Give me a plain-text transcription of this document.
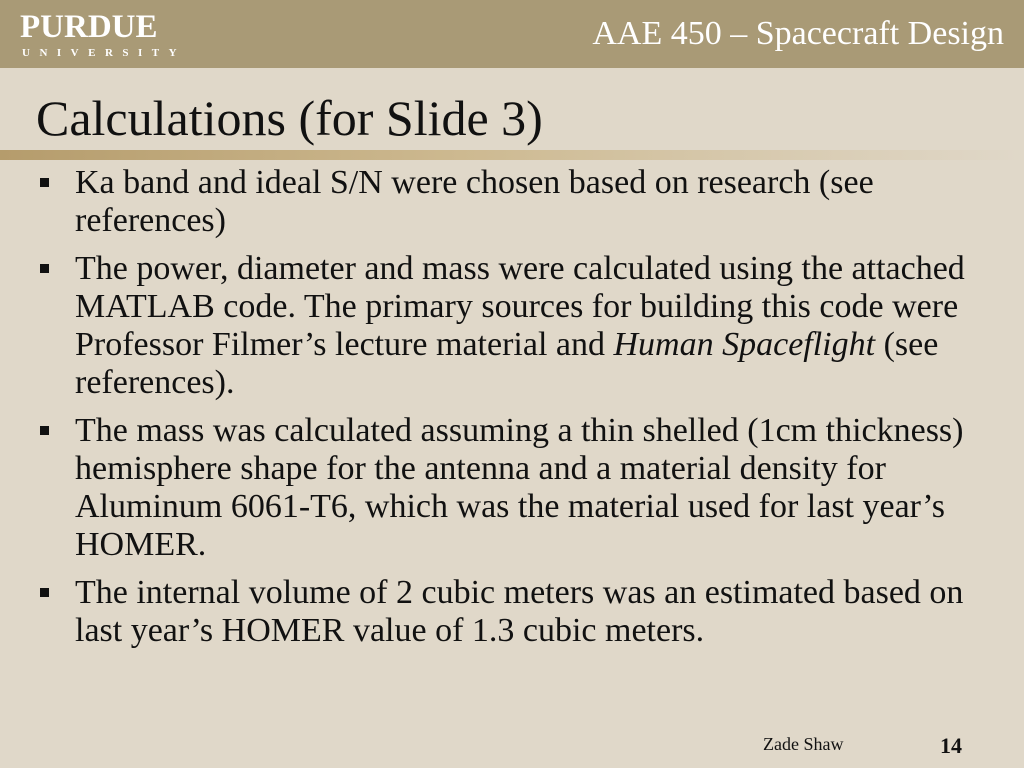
PURDUE
UNIVERSITY
AAE 450 – Spacecraft Design
Calculations (for Slide 3)
Ka band and ideal S/N were chosen based on research (see references)
The power, diameter and mass were calculated using the attached MATLAB code. The primary sources for building this code were Professor Filmer’s lecture material and Human Spaceflight (see references).
The mass was calculated assuming a thin shelled (1cm thickness) hemisphere shape for the antenna and a material density for Aluminum 6061-T6, which was the material used for last year’s HOMER.
The internal volume of 2 cubic meters was an estimated based on last year’s HOMER value of 1.3 cubic meters.
Zade Shaw	14
